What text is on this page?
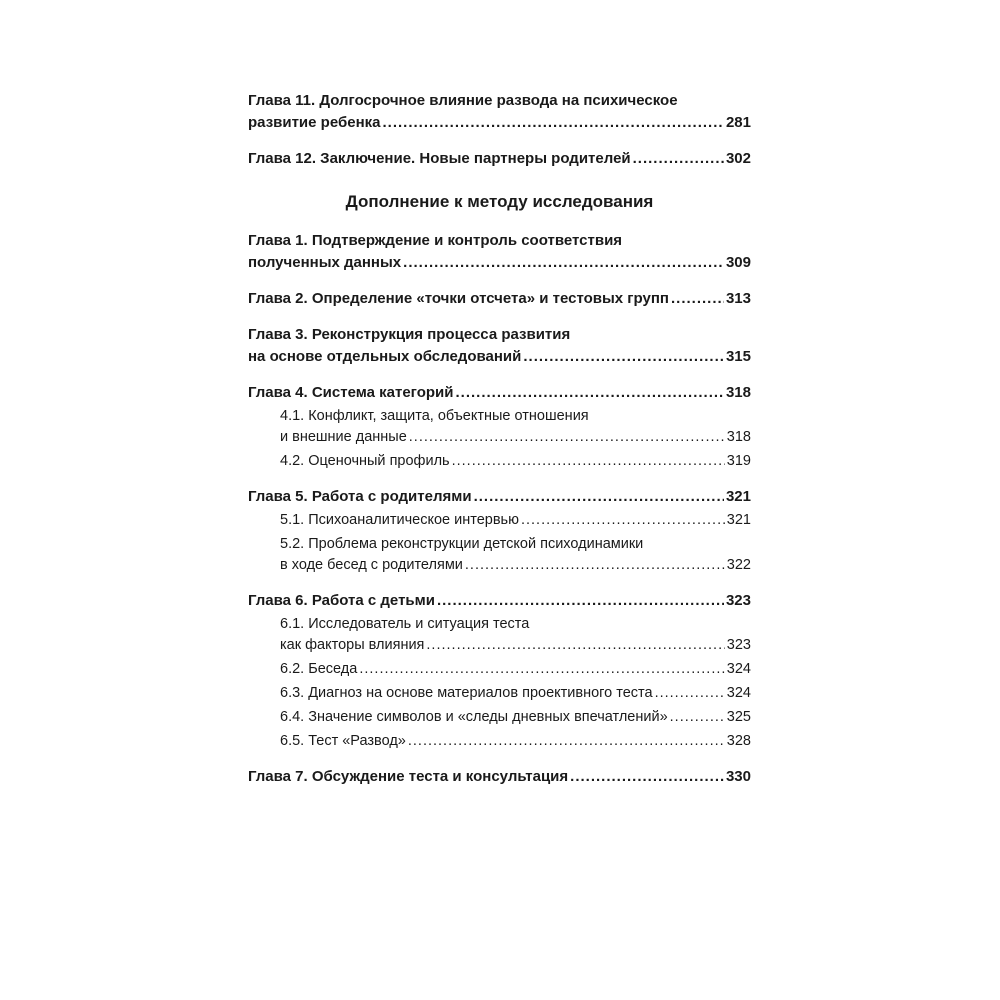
Глава 11. Долгосрочное влияние развода на психическое
развитие ребенка .....	281
Глава 12. Заключение. Новые партнеры родителей .....	302
Дополнение к методу исследования
Глава 1. Подтверждение и контроль соответствия
полученных данных .....	309
Глава 2. Определение «точки отсчета» и тестовых групп .....	313
Глава 3. Реконструкция процесса развития
на основе отдельных обследований .....	315
Глава 4. Система категорий .....	318
4.1. Конфликт, защита, объектные отношения
и внешние данные .....	318
4.2. Оценочный профиль .....	319
Глава 5. Работа с родителями .....	321
5.1. Психоаналитическое интервью .....	321
5.2. Проблема реконструкции детской психодинамики
в ходе бесед с родителями .....	322
Глава 6. Работа с детьми .....	323
6.1. Исследователь и ситуация теста
как факторы влияния .....	323
6.2. Беседа .....	324
6.3. Диагноз на основе материалов проективного теста .....	324
6.4. Значение символов и «следы дневных впечатлений» .....	325
6.5. Тест «Развод» .....	328
Глава 7. Обсуждение теста и консультация .....	330
